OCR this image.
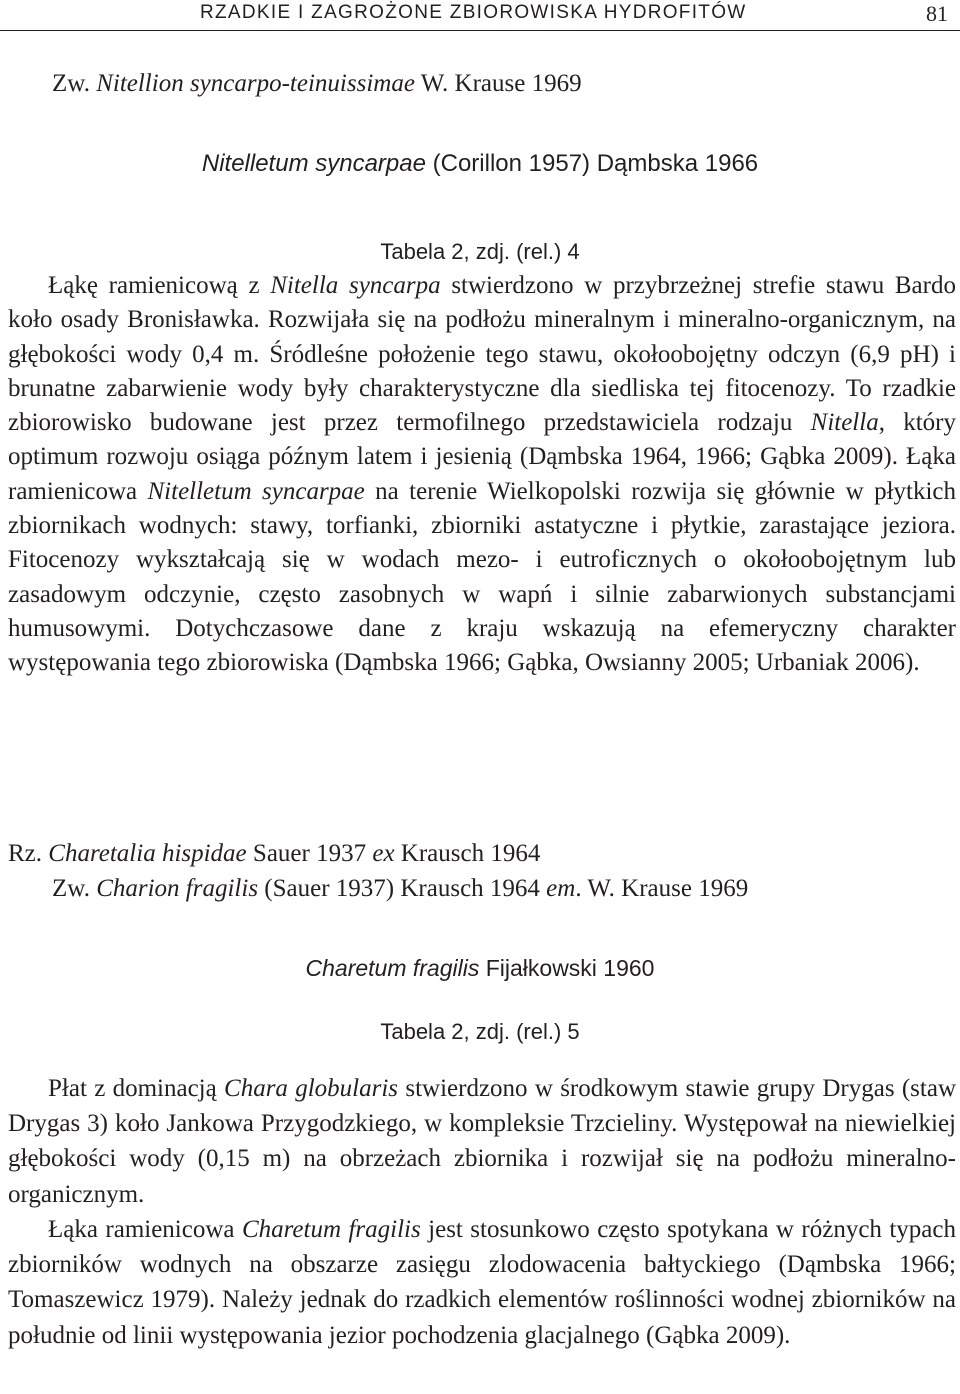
RZADKIE I ZAGROŻONE ZBIOROWISKA HYDROFITÓW	81
Zw. Nitellion syncarpo-teinuissimae W. Krause 1969
Nitelletum syncarpae (Corillon 1957) Dąmbska 1966
Tabela 2, zdj. (rel.) 4

Łąkę ramienicową z Nitella syncarpa stwierdzono w przybrzeżnej strefie stawu Bardo koło osady Bronisławka. Rozwijała się na podłożu mineralnym i mineralno-organicznym, na głębokości wody 0,4 m. Śródleśne położenie tego stawu, okołoobojętny odczyn (6,9 pH) i brunatne zabarwienie wody były charakterystyczne dla siedliska tej fitocenozy. To rzadkie zbiorowisko budowane jest przez termofilnego przedstawiciela rodzaju Nitella, który optimum rozwoju osiąga późnym latem i jesienią (Dąmbska 1964, 1966; Gąbka 2009). Łąka ramienicowa Nitelletum syncarpae na terenie Wielkopolski rozwija się głównie w płytkich zbiornikach wodnych: stawy, torfianki, zbiorniki astatyczne i płytkie, zarastające jeziora. Fitocenozy wykształcają się w wodach mezo- i eutroficznych o okołoobojętnym lub zasadowym odczynie, często zasobnych w wapń i silnie zabarwionych substancjami humusowymi. Dotychczasowe dane z kraju wskazują na efemeryczny charakter występowania tego zbiorowiska (Dąmbska 1966; Gąbka, Owsianny 2005; Urbaniak 2006).

Rz. Charetalia hispidae Sauer 1937 ex Krausch 1964
Zw. Charion fragilis (Sauer 1937) Krausch 1964 em. W. Krause 1969
Charetum fragilis Fijałkowski 1960
Tabela 2, zdj. (rel.) 5

Płat z dominacją Chara globularis stwierdzono w środkowym stawie grupy Drygas (staw Drygas 3) koło Jankowa Przygodzkiego, w kompleksie Trzcieliny. Występował na niewielkiej głębokości wody (0,15 m) na obrzeżach zbiornika i rozwijał się na podłożu mineralno-organicznym.

Łąka ramienicowa Charetum fragilis jest stosunkowo często spotykana w różnych typach zbiorników wodnych na obszarze zasięgu zlodowacenia bałtyckiego (Dąmbska 1966; Tomaszewicz 1979). Należy jednak do rzadkich elementów roślinności wodnej zbiorników na południe od linii występowania jezior pochodzenia glacjalnego (Gąbka 2009).
